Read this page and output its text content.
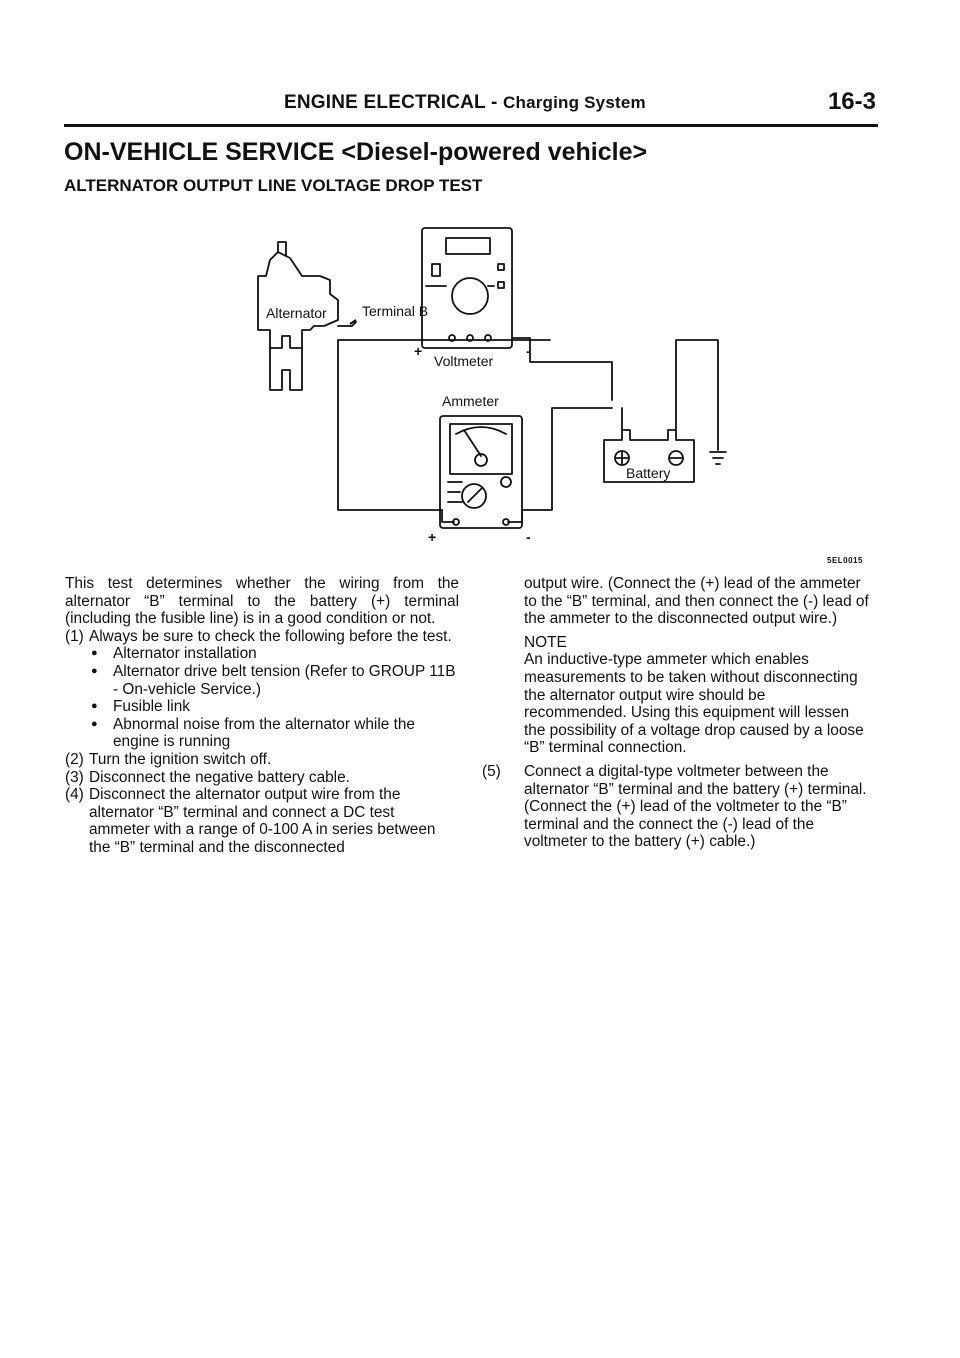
ENGINE ELECTRICAL - Charging System	16-3
ON-VEHICLE SERVICE <Diesel-powered vehicle>
ALTERNATOR OUTPUT LINE VOLTAGE DROP TEST
Alternator	Terminal B
Voltmeter
Ammeter
Battery
+	-
+	-
5EL0015

This test determines whether the wiring from the alternator “B” terminal to the battery (+) terminal (including the fusible line) is in a good condition or not.

(1) Always be sure to check the following before the test.
● Alternator installation
● Alternator drive belt tension (Refer to GROUP 11B - On-vehicle Service.)
● Fusible link
● Abnormal noise from the alternator while the engine is running
(2) Turn the ignition switch off.
(3) Disconnect the negative battery cable.
(4) Disconnect the alternator output wire from the alternator “B” terminal and connect a DC test ammeter with a range of 0-100 A in series between the “B” terminal and the disconnected

output wire. (Connect the (+) lead of the ammeter to the “B” terminal, and then connect the (-) lead of the ammeter to the disconnected output wire.)

NOTE

An inductive-type ammeter which enables measurements to be taken without disconnecting the alternator output wire should be recommended. Using this equipment will lessen the possibility of a voltage drop caused by a loose “B” terminal connection.

(5) Connect a digital-type voltmeter between the alternator “B” terminal and the battery (+) terminal. (Connect the (+) lead of the voltmeter to the “B” terminal and the connect the (-) lead of the voltmeter to the battery (+) cable.)
